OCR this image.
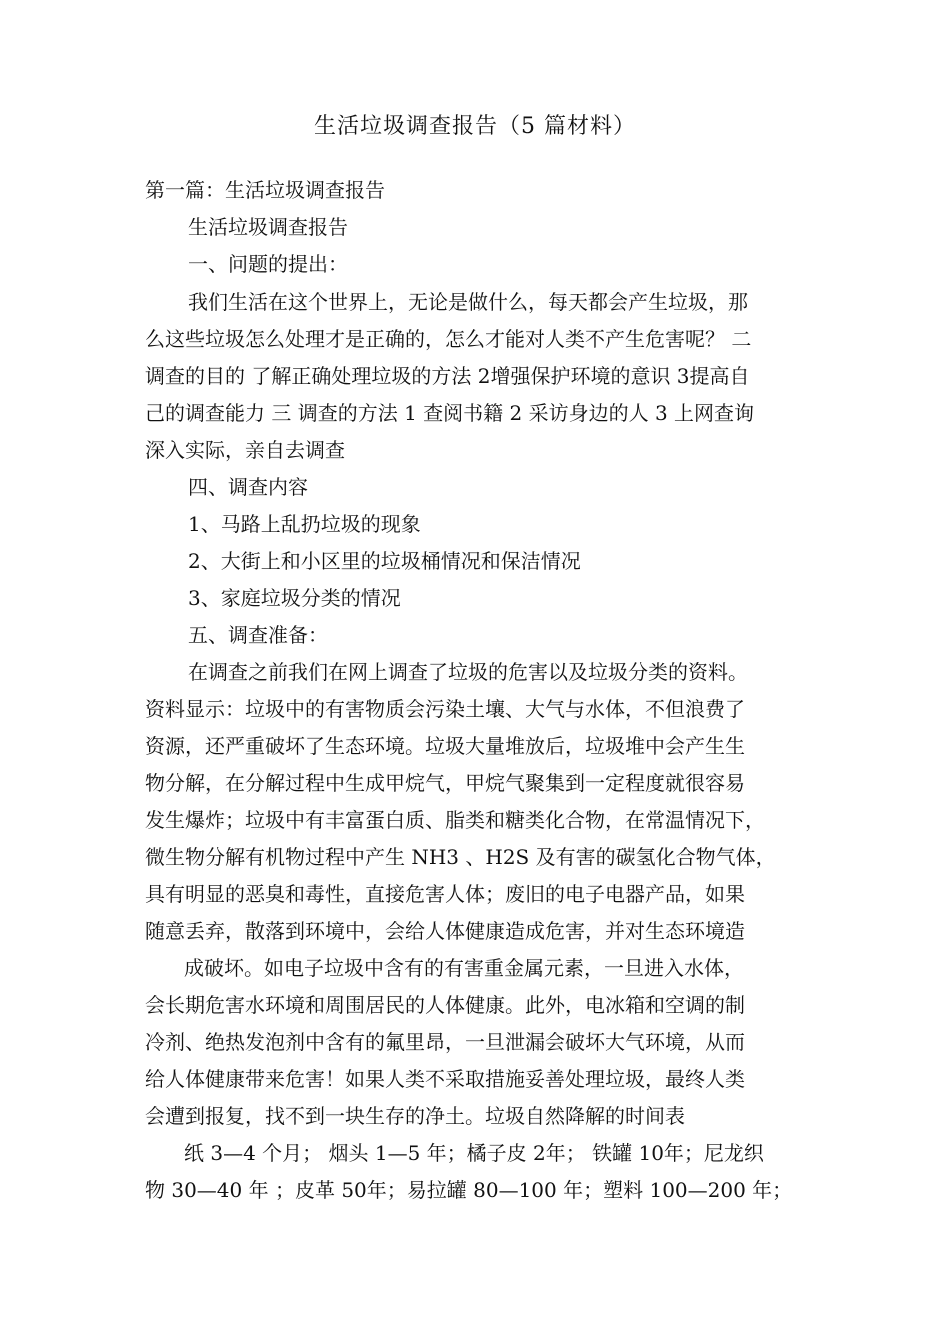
生活垃圾调查报告（5 篇材料）
第一篇：生活垃圾调查报告
生活垃圾调查报告
一、问题的提出：
我们生活在这个世界上，无论是做什么，每天都会产生垃圾，那
么这些垃圾怎么处理才是正确的，怎么才能对人类不产生危害呢？ 二
调查的目的 了解正确处理垃圾的方法 2增强保护环境的意识 3提高自
己的调查能力 三 调查的方法 1 查阅书籍 2 采访身边的人 3 上网查询
深入实际，亲自去调查
四、调查内容
1、马路上乱扔垃圾的现象
2、大街上和小区里的垃圾桶情况和保洁情况
3、家庭垃圾分类的情况
五、调查准备：
在调查之前我们在网上调查了垃圾的危害以及垃圾分类的资料。
资料显示：垃圾中的有害物质会污染土壤、大气与水体，不但浪费了
资源，还严重破坏了生态环境。垃圾大量堆放后，垃圾堆中会产生生
物分解，在分解过程中生成甲烷气，甲烷气聚集到一定程度就很容易
发生爆炸；垃圾中有丰富蛋白质、脂类和糖类化合物，在常温情况下，
微生物分解有机物过程中产生 NH3 、H2S 及有害的碳氢化合物气体，
具有明显的恶臭和毒性，直接危害人体；废旧的电子电器产品，如果
随意丢弃，散落到环境中，会给人体健康造成危害，并对生态环境造
成破坏。如电子垃圾中含有的有害重金属元素，一旦进入水体，
会长期危害水环境和周围居民的人体健康。此外，电冰箱和空调的制
冷剂、绝热发泡剂中含有的氟里昂，一旦泄漏会破坏大气环境，从而
给人体健康带来危害！如果人类不采取措施妥善处理垃圾，最终人类
会遭到报复，找不到一块生存的净土。垃圾自然降解的时间表
纸 3—4 个月； 烟头 1—5 年；橘子皮 2年； 铁罐 10年；尼龙织
物 30—40 年 ；皮革 50年；易拉罐 80—100 年；塑料 100—200 年；
